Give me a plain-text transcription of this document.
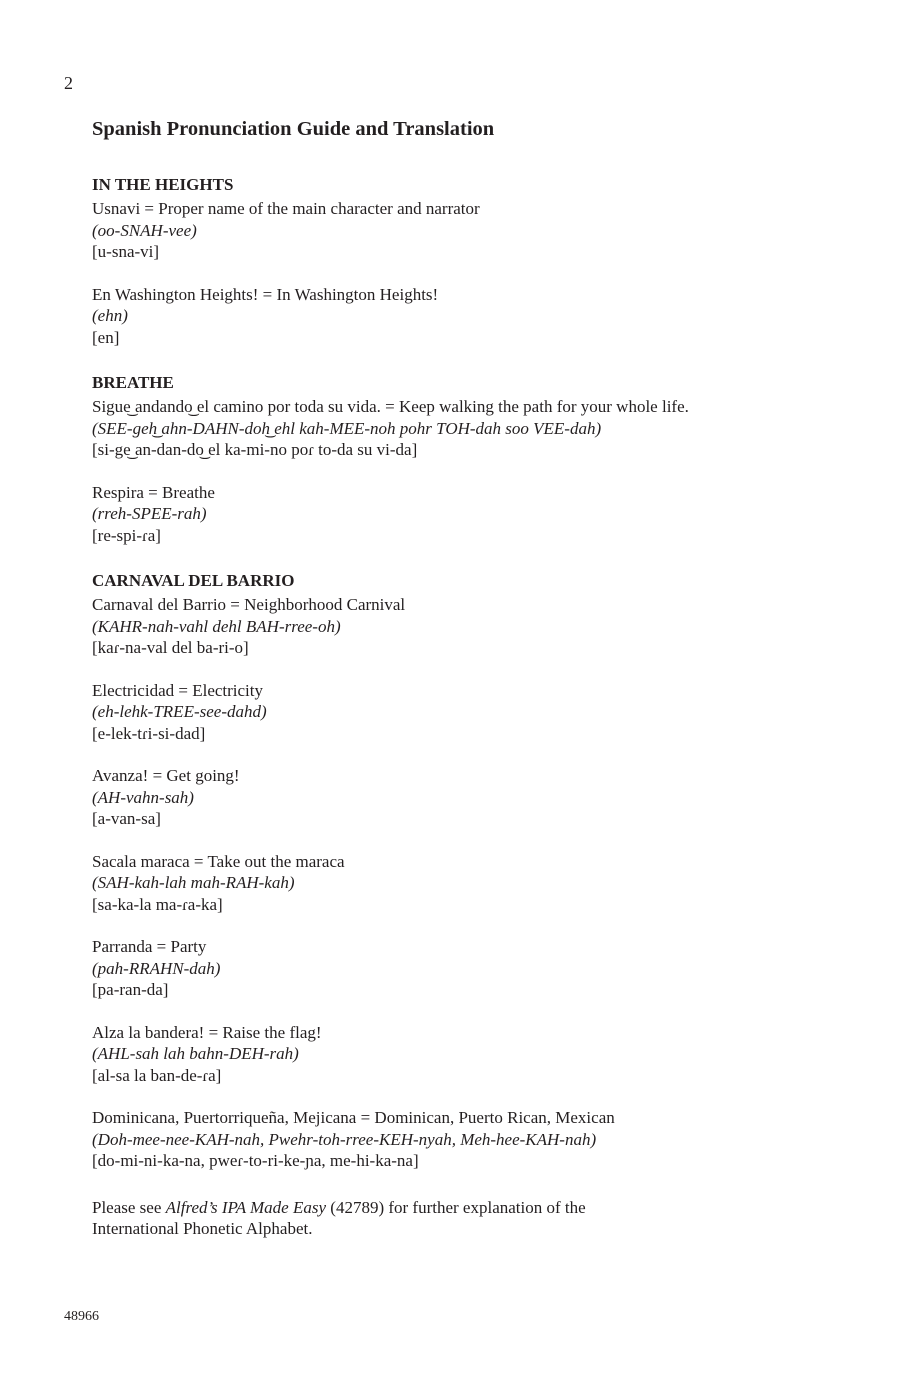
2
Spanish Pronunciation Guide and Translation
IN THE HEIGHTS
Usnavi = Proper name of the main character and narrator
(oo-SNAH-vee)
[u-sna-vi]
En Washington Heights! = In Washington Heights!
(ehn)
[en]
BREATHE
Sigue͜ andando͜ el camino por toda su vida. = Keep walking the path for your whole life.
(SEE-geh͜ ahn-DAHN-doh͜ ehl kah-MEE-noh pohr TOH-dah soo VEE-dah)
[si-ge͜ an-dan-do͜ el ka-mi-no poɾ to-da su vi-da]
Respira = Breathe
(rreh-SPEE-rah)
[re-spi-ɾa]
CARNAVAL DEL BARRIO
Carnaval del Barrio = Neighborhood Carnival
(KAHR-nah-vahl dehl BAH-rree-oh)
[kaɾ-na-val del ba-ri-o]
Electricidad = Electricity
(eh-lehk-TREE-see-dahd)
[e-lek-tɾi-si-dad]
Avanza! = Get going!
(AH-vahn-sah)
[a-van-sa]
Sacala maraca = Take out the maraca
(SAH-kah-lah mah-RAH-kah)
[sa-ka-la ma-ɾa-ka]
Parranda = Party
(pah-RRAHN-dah)
[pa-ran-da]
Alza la bandera! = Raise the flag!
(AHL-sah lah bahn-DEH-rah)
[al-sa la ban-de-ɾa]
Dominicana, Puertorriqueña, Mejicana = Dominican, Puerto Rican, Mexican
(Doh-mee-nee-KAH-nah, Pwehr-toh-rree-KEH-nyah, Meh-hee-KAH-nah)
[do-mi-ni-ka-na, pweɾ-to-ri-ke-ɲa, me-hi-ka-na]
Please see Alfred’s IPA Made Easy (42789) for further explanation of the
International Phonetic Alphabet.
48966
